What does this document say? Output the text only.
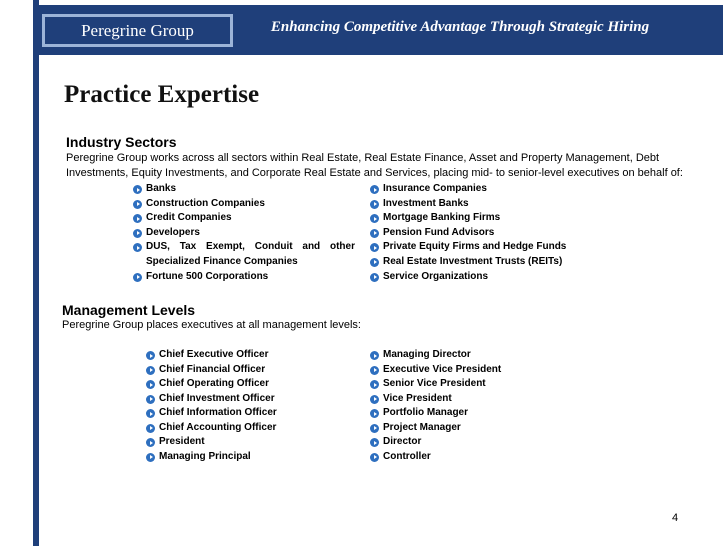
Peregrine Group	Enhancing Competitive Advantage Through Strategic Hiring
Practice Expertise
Industry Sectors
Peregrine Group works across all sectors within Real Estate, Real Estate Finance, Asset and Property Management, Debt Investments, Equity Investments, and Corporate Real Estate and Services, placing mid- to senior-level executives on behalf of:
Banks
Construction Companies
Credit Companies
Developers
DUS, Tax Exempt, Conduit and other Specialized Finance Companies
Fortune 500 Corporations
Insurance Companies
Investment Banks
Mortgage Banking Firms
Pension Fund Advisors
Private Equity Firms and Hedge Funds
Real Estate Investment Trusts (REITs)
Service Organizations
Management Levels
Peregrine Group places executives at all management levels:
Chief Executive Officer
Chief Financial Officer
Chief Operating Officer
Chief Investment Officer
Chief Information Officer
Chief Accounting Officer
President
Managing Principal
Managing Director
Executive Vice President
Senior Vice President
Vice President
Portfolio Manager
Project Manager
Director
Controller
4
